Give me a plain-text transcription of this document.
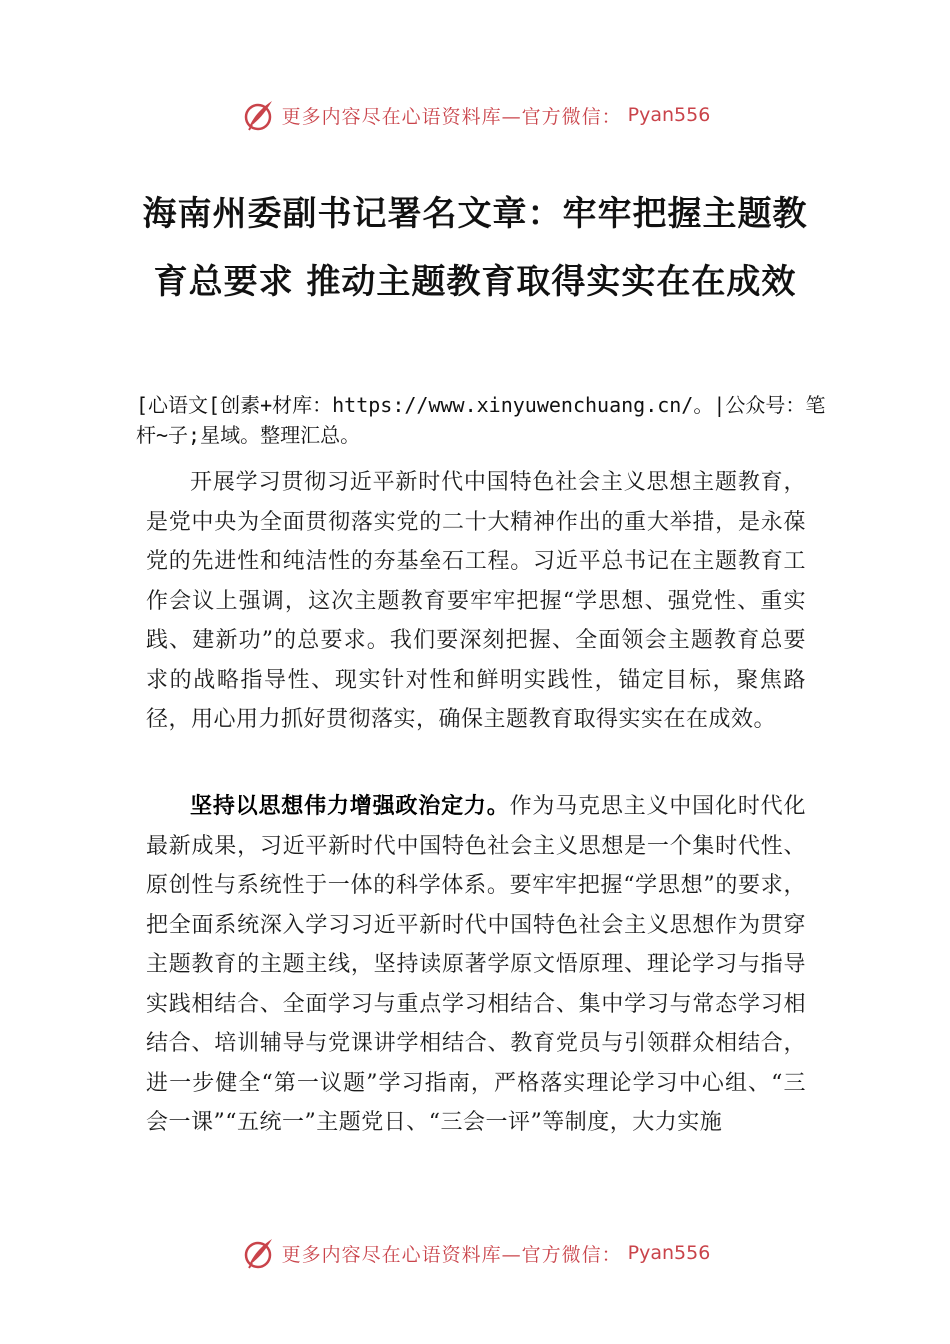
更多内容尽在心语资料库—官方微信： Pyan556
海南州委副书记署名文章：牢牢把握主题教育总要求 推动主题教育取得实实在在成效
[心语文[创素+材库：https://www.xinyuwenchuang.cn/。|公众号：笔杆~子;星域。整理汇总。
开展学习贯彻习近平新时代中国特色社会主义思想主题教育，是党中央为全面贯彻落实党的二十大精神作出的重大举措，是永葆党的先进性和纯洁性的夯基垒石工程。习近平总书记在主题教育工作会议上强调，这次主题教育要牢牢把握“学思想、强党性、重实践、建新功”的总要求。我们要深刻把握、全面领会主题教育总要求的战略指导性、现实针对性和鲜明实践性，锚定目标，聚焦路径，用心用力抓好贯彻落实，确保主题教育取得实实在在成效。
坚持以思想伟力增强政治定力。作为马克思主义中国化时代化最新成果，习近平新时代中国特色社会主义思想是一个集时代性、原创性与系统性于一体的科学体系。要牢牢把握“学思想”的要求，把全面系统深入学习习近平新时代中国特色社会主义思想作为贯穿主题教育的主题主线，坚持读原著学原文悟原理、理论学习与指导实践相结合、全面学习与重点学习相结合、集中学习与常态学习相结合、培训辅导与党课讲学相结合、教育党员与引领群众相结合，进一步健全“第一议题”学习指南，严格落实理论学习中心组、“三会一课”“五统一”主题党日、“三会一评”等制度，大力实施
更多内容尽在心语资料库—官方微信： Pyan556
